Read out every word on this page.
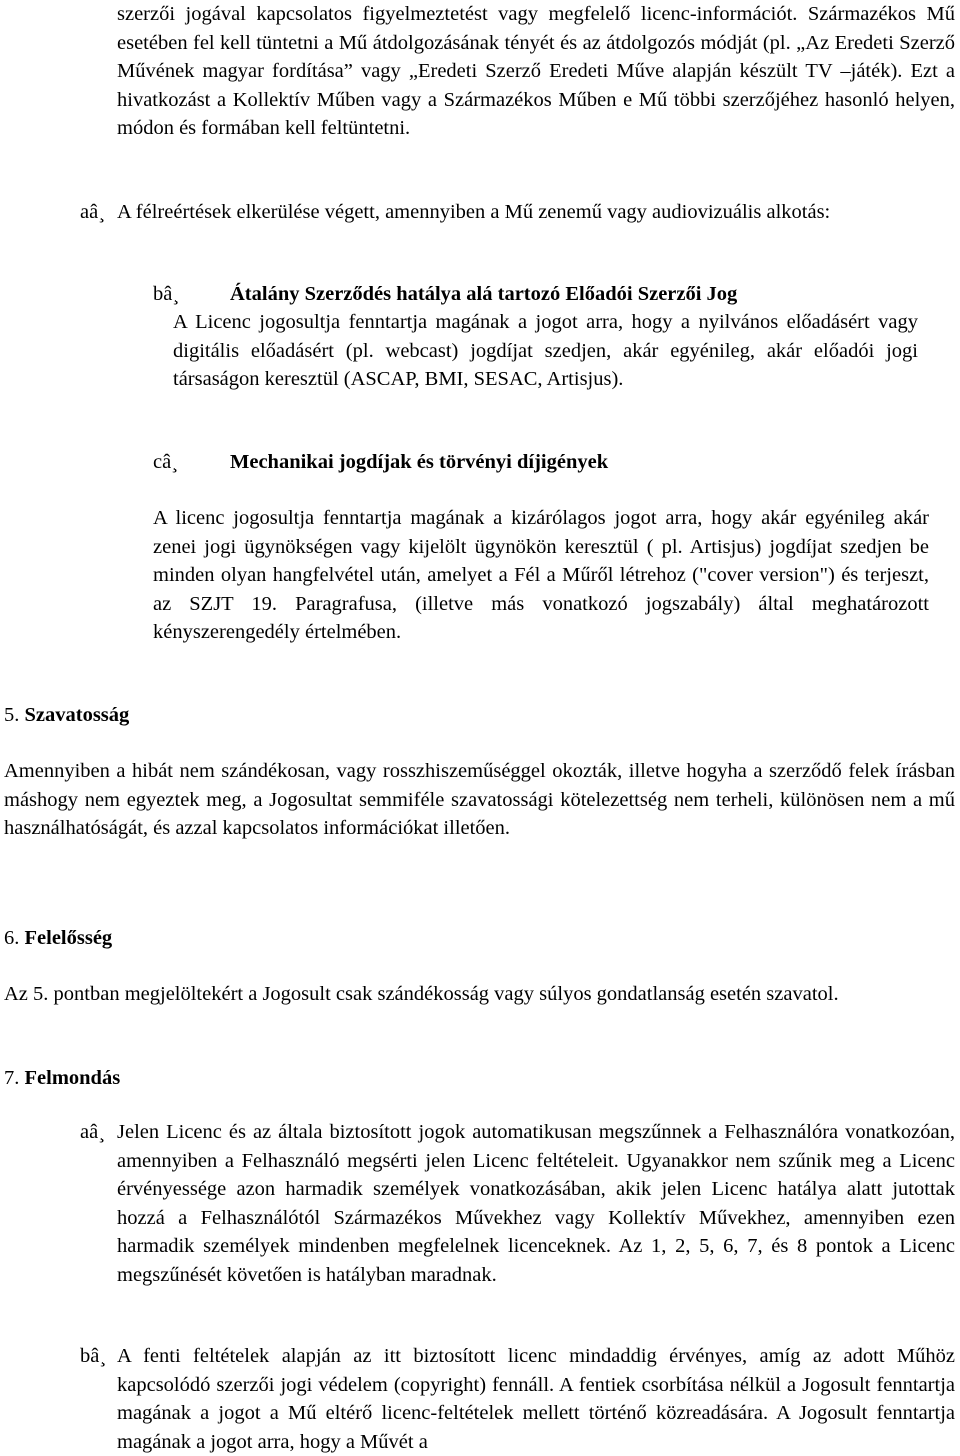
szerzői jogával kapcsolatos figyelmeztetést vagy megfelelő licenc-információt. Származékos Mű esetében fel kell tüntetni a Mű átdolgozásának tényét és az átdolgozós módját (pl. „Az Eredeti Szerző Művének magyar fordítása” vagy „Eredeti Szerző Eredeti Műve alapján készült TV –játék). Ezt a hivatkozást a Kollektív Műben vagy a Származékos Műben e Mű többi szerzőjéhez hasonló helyen, módon és formában kell feltüntetni.
aâ¸ A félreértések elkerülése végett, amennyiben a Mű zenemű vagy audiovizuális alkotás:
bâ¸ Átalány Szerződés hatálya alá tartozó Előadói Szerzői Jog
A Licenc jogosultja fenntartja magának a jogot arra, hogy a nyilvános előadásért vagy digitális előadásért (pl. webcast) jogdíjat szedjen, akár egyénileg, akár előadói jogi társaságon keresztül (ASCAP, BMI, SESAC, Artisjus).
câ¸	Mechanikai jogdíjak és törvényi díjigények
A licenc jogosultja fenntartja magának a kizárólagos jogot arra, hogy akár egyénileg akár zenei jogi ügynökségen vagy kijelölt ügynökön keresztül ( pl. Artisjus) jogdíjat szedjen be minden olyan hangfelvétel után, amelyet a Fél a Műről létrehoz ("cover version") és terjeszt, az SZJT 19. Paragrafusa, (illetve más vonatkozó jogszabály) által meghatározott kényszerengedély értelmében.
5. Szavatosság
Amennyiben a hibát nem szándékosan, vagy rosszhiszeműséggel okozták, illetve hogyha a szerződő felek írásban máshogy nem egyeztek meg, a Jogosultat semmiféle szavatossági kötelezettség nem terheli, különösen nem a mű használhatóságát, és azzal kapcsolatos információkat illetően.
6. Felelősség
Az 5. pontban megjelöltekért a Jogosult csak szándékosság vagy súlyos gondatlanság esetén szavatol.
7. Felmondás
aâ¸ Jelen Licenc és az általa biztosított jogok automatikusan megszűnnek a Felhasználóra vonatkozóan, amennyiben a Felhasználó megsérti jelen Licenc feltételeit. Ugyanakkor nem szűnik meg a Licenc érvényessége azon harmadik személyek vonatkozásában, akik jelen Licenc hatálya alatt jutottak hozzá a Felhasználótól Származékos Művekhez vagy Kollektív Művekhez, amennyiben ezen harmadik személyek mindenben megfelelnek licenceknek. Az 1, 2, 5, 6, 7, és 8 pontok a Licenc megszűnését követően is hatályban maradnak.
bâ¸ A fenti feltételek alapján az itt biztosított licenc mindaddig érvényes, amíg az adott Műhöz kapcsolódó szerzői jogi védelem (copyright) fennáll. A fentiek csorbítása nélkül a Jogosult fenntartja magának a jogot a Mű eltérő licenc-feltételek mellett történő közreadására. A Jogosult fenntartja magának a jogot arra, hogy a Művét a
